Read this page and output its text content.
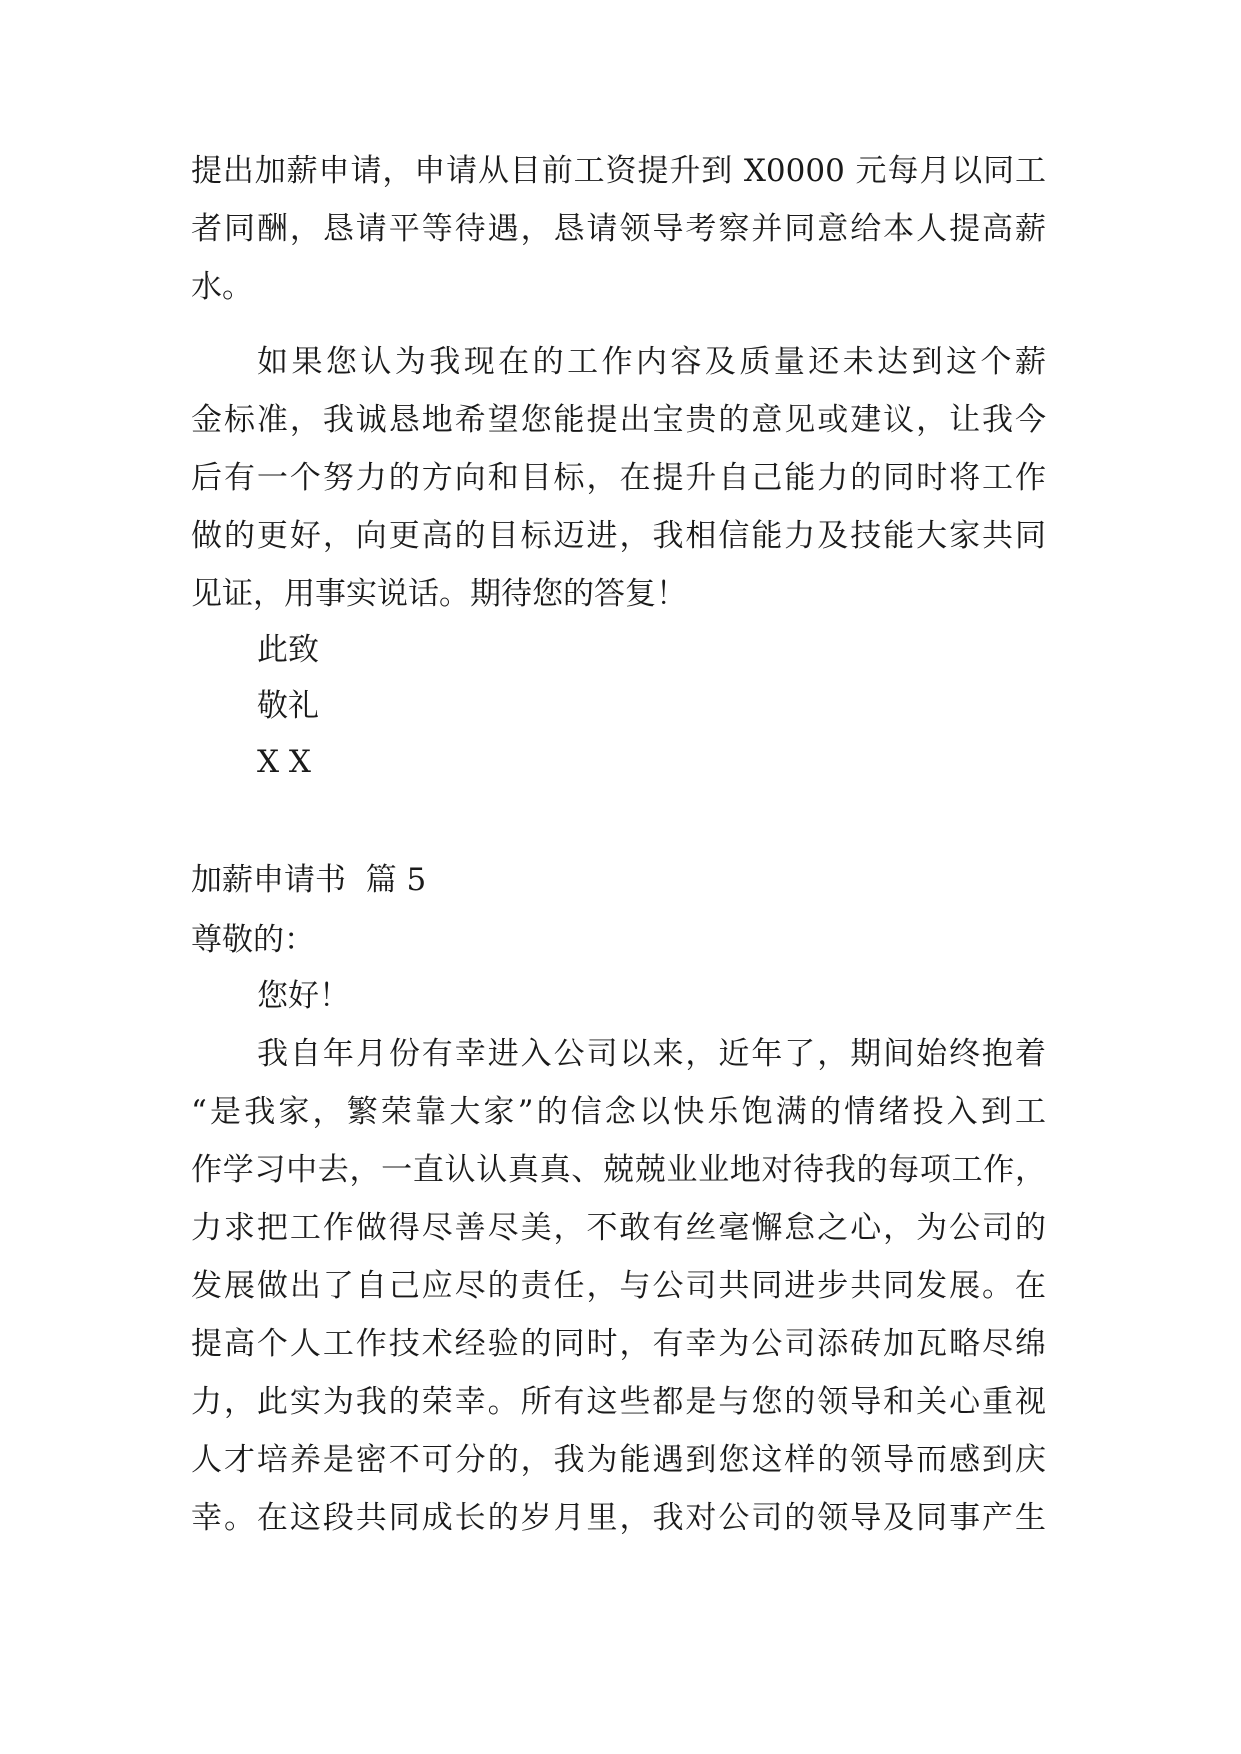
提出加薪申请，申请从目前工资提升到 X0000 元每月以同工
者同酬，恳请平等待遇，恳请领导考察并同意给本人提高薪
水。
如果您认为我现在的工作内容及质量还未达到这个薪
金标准，我诚恳地希望您能提出宝贵的意见或建议，让我今
后有一个努力的方向和目标，在提升自己能力的同时将工作
做的更好，向更高的目标迈进，我相信能力及技能大家共同
见证，用事实说话。期待您的答复！
此致
敬礼
X X
加薪申请书  篇 5
尊敬的：
您好！
我自年月份有幸进入公司以来，近年了，期间始终抱着
“是我家，繁荣靠大家”的信念以快乐饱满的情绪投入到工
作学习中去，一直认认真真、兢兢业业地对待我的每项工作，
力求把工作做得尽善尽美，不敢有丝毫懈怠之心，为公司的
发展做出了自己应尽的责任，与公司共同进步共同发展。在
提高个人工作技术经验的同时，有幸为公司添砖加瓦略尽绵
力，此实为我的荣幸。所有这些都是与您的领导和关心重视
人才培养是密不可分的，我为能遇到您这样的领导而感到庆
幸。在这段共同成长的岁月里，我对公司的领导及同事产生
